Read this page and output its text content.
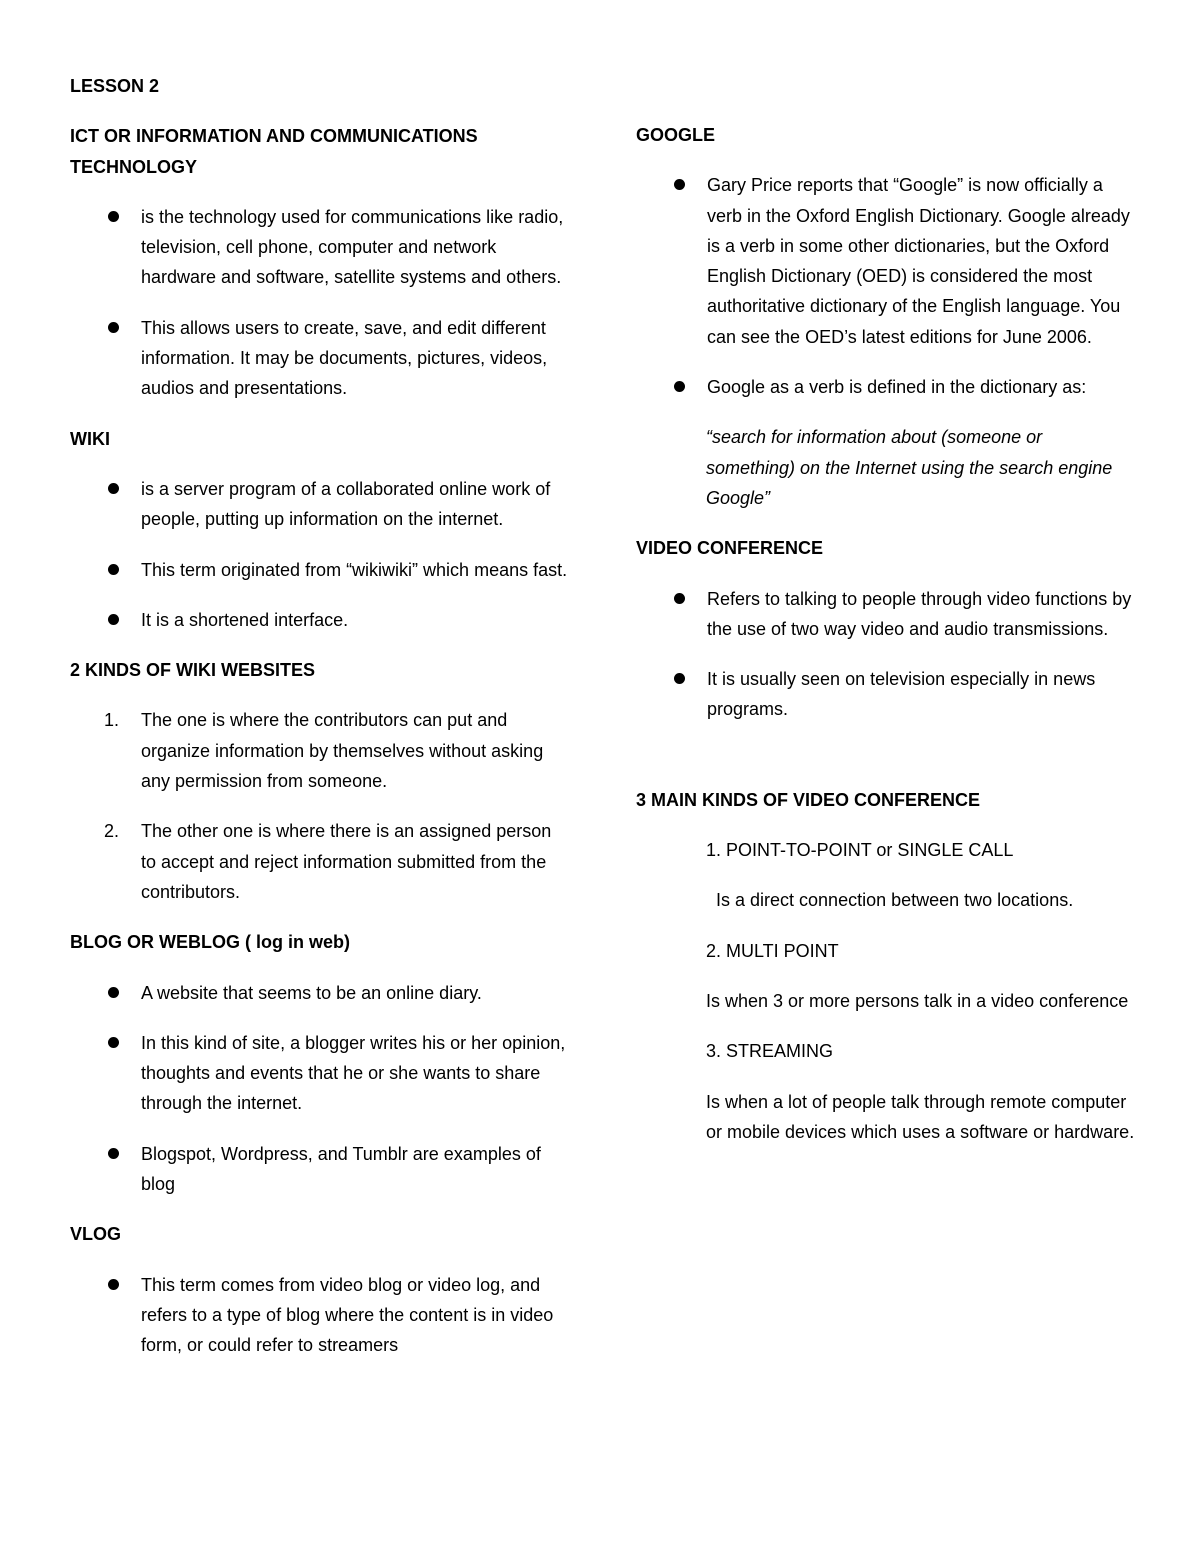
LESSON 2
ICT OR INFORMATION AND COMMUNICATIONS TECHNOLOGY
is the technology used for communications like radio, television, cell phone, computer and network hardware and software, satellite systems and others.
This allows users to create, save, and edit different information. It may be documents, pictures, videos, audios and presentations.
WIKI
is a server program of a collaborated online work of people, putting up information on the internet.
This term originated from “wikiwiki” which means fast.
It is a shortened interface.
2 KINDS OF WIKI WEBSITES
1. The one is where the contributors can put and organize information by themselves without asking any permission from someone.
2. The other one is where there is an assigned person to accept and reject information submitted from the contributors.
BLOG OR WEBLOG ( log in web)
A website that seems to be an online diary.
In this kind of site, a blogger writes his or her opinion, thoughts and events that he or she wants to share through the internet.
Blogspot, Wordpress, and Tumblr are examples of blog
VLOG
This term comes from video blog or video log, and refers to a type of blog where the content is in video form, or could refer to streamers
GOOGLE
Gary Price reports that “Google” is now officially a verb in the Oxford English Dictionary. Google already is a verb in some other dictionaries, but the Oxford English Dictionary (OED) is considered the most authoritative dictionary of the English language. You can see the OED’s latest editions for June 2006.
Google as a verb is defined in the dictionary as:
“search for information about (someone or something) on the Internet using the search engine Google”
VIDEO CONFERENCE
Refers to talking to people through video functions by the use of two way video and audio transmissions.
It is usually seen on television especially in news programs.
3 MAIN KINDS OF VIDEO CONFERENCE
1. POINT-TO-POINT or SINGLE CALL
Is a direct connection between two locations.
2. MULTI POINT
Is when 3 or more persons talk in a video conference
3. STREAMING
Is when a lot of people talk through remote computer or mobile devices which uses a software or hardware.
